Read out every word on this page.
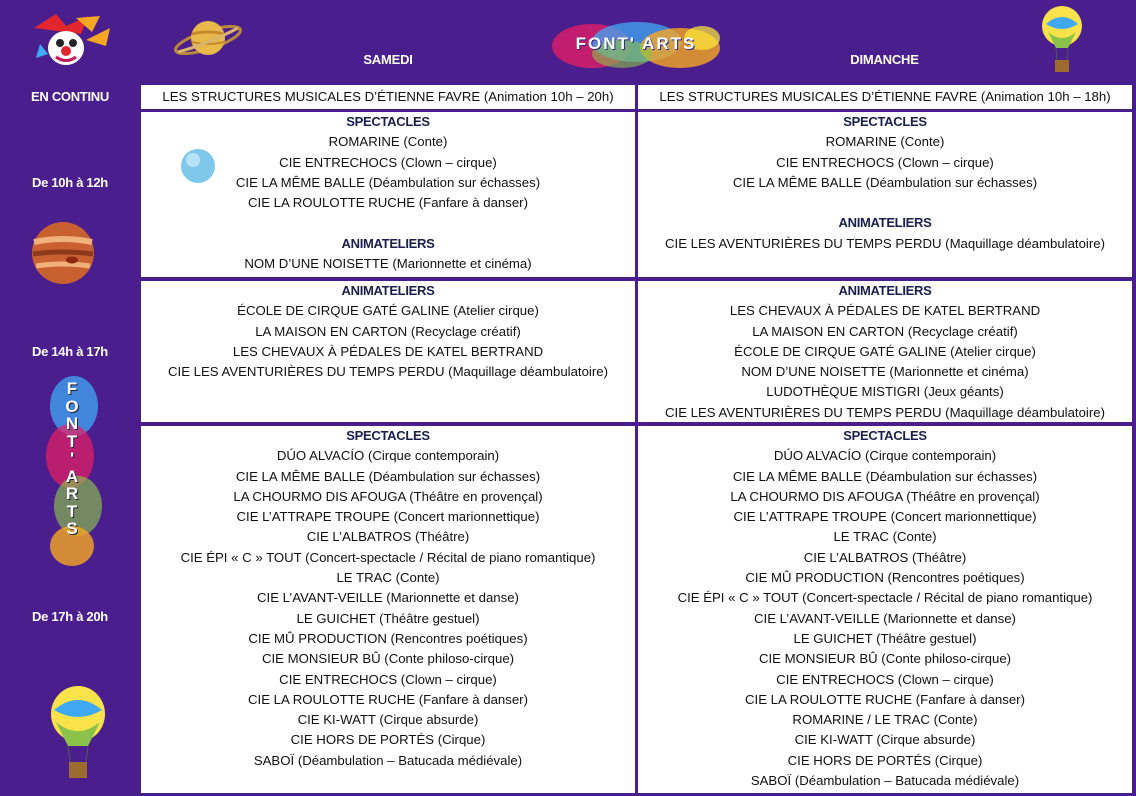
FONT' ARTS
SAMEDI	DIMANCHE
EN CONTINU
De 10h à 12h
De 14h à 17h
De 17h à 20h
F
O
N
T
'
A
R
T
S
LES STRUCTURES MUSICALES D’ÉTIENNE FAVRE (Animation 10h – 20h)	LES STRUCTURES MUSICALES D’ÉTIENNE FAVRE (Animation 10h – 18h)
SPECTACLES
ROMARINE (Conte)
CIE ENTRECHOCS (Clown – cirque)
CIE LA MÊME BALLE (Déambulation sur échasses)
CIE LA ROULOTTE RUCHE (Fanfare à danser)
ANIMATELIERS
NOM D’UNE NOISETTE (Marionnette et cinéma)
SPECTACLES
ROMARINE (Conte)
CIE ENTRECHOCS (Clown – cirque)
CIE LA MÊME BALLE (Déambulation sur échasses)
ANIMATELIERS
CIE LES AVENTURIÈRES DU TEMPS PERDU (Maquillage déambulatoire)
ANIMATELIERS
ÉCOLE DE CIRQUE GATÉ GALINE (Atelier cirque)
LA MAISON EN CARTON (Recyclage créatif)
LES CHEVAUX À PÉDALES DE KATEL BERTRAND
CIE LES AVENTURIÈRES DU TEMPS PERDU (Maquillage déambulatoire)
ANIMATELIERS
LES CHEVAUX À PÉDALES DE KATEL BERTRAND
LA MAISON EN CARTON (Recyclage créatif)
ÉCOLE DE CIRQUE GATÉ GALINE (Atelier cirque)
NOM D’UNE NOISETTE (Marionnette et cinéma)
LUDOTHÈQUE MISTIGRI (Jeux géants)
CIE LES AVENTURIÈRES DU TEMPS PERDU (Maquillage déambulatoire)
SPECTACLES
DÚO ALVACÍO (Cirque contemporain)
CIE LA MÊME BALLE (Déambulation sur échasses)
LA CHOURMO DIS AFOUGA (Théâtre en provençal)
CIE L’ATTRAPE TROUPE (Concert marionnettique)
CIE L’ALBATROS (Théâtre)
CIE ÉPI « C » TOUT (Concert-spectacle / Récital de piano romantique)
LE TRAC (Conte)
CIE L’AVANT-VEILLE (Marionnette et danse)
LE GUICHET (Théâtre gestuel)
CIE MÛ PRODUCTION (Rencontres poétiques)
CIE MONSIEUR BÛ (Conte philoso-cirque)
CIE ENTRECHOCS (Clown – cirque)
CIE LA ROULOTTE RUCHE (Fanfare à danser)
CIE KI-WATT (Cirque absurde)
CIE HORS DE PORTÉS (Cirque)
SABOÏ (Déambulation – Batucada médiévale)
SPECTACLES
DÚO ALVACÍO (Cirque contemporain)
CIE LA MÊME BALLE (Déambulation sur échasses)
LA CHOURMO DIS AFOUGA (Théâtre en provençal)
CIE L’ATTRAPE TROUPE (Concert marionnettique)
LE TRAC (Conte)
CIE L’ALBATROS (Théâtre)
CIE MÛ PRODUCTION (Rencontres poétiques)
CIE ÉPI « C » TOUT (Concert-spectacle / Récital de piano romantique)
CIE L’AVANT-VEILLE (Marionnette et danse)
LE GUICHET (Théâtre gestuel)
CIE MONSIEUR BÛ (Conte philoso-cirque)
CIE ENTRECHOCS (Clown – cirque)
CIE LA ROULOTTE RUCHE (Fanfare à danser)
ROMARINE / LE TRAC (Conte)
CIE KI-WATT (Cirque absurde)
CIE HORS DE PORTÉS (Cirque)
SABOÏ (Déambulation – Batucada médiévale)
